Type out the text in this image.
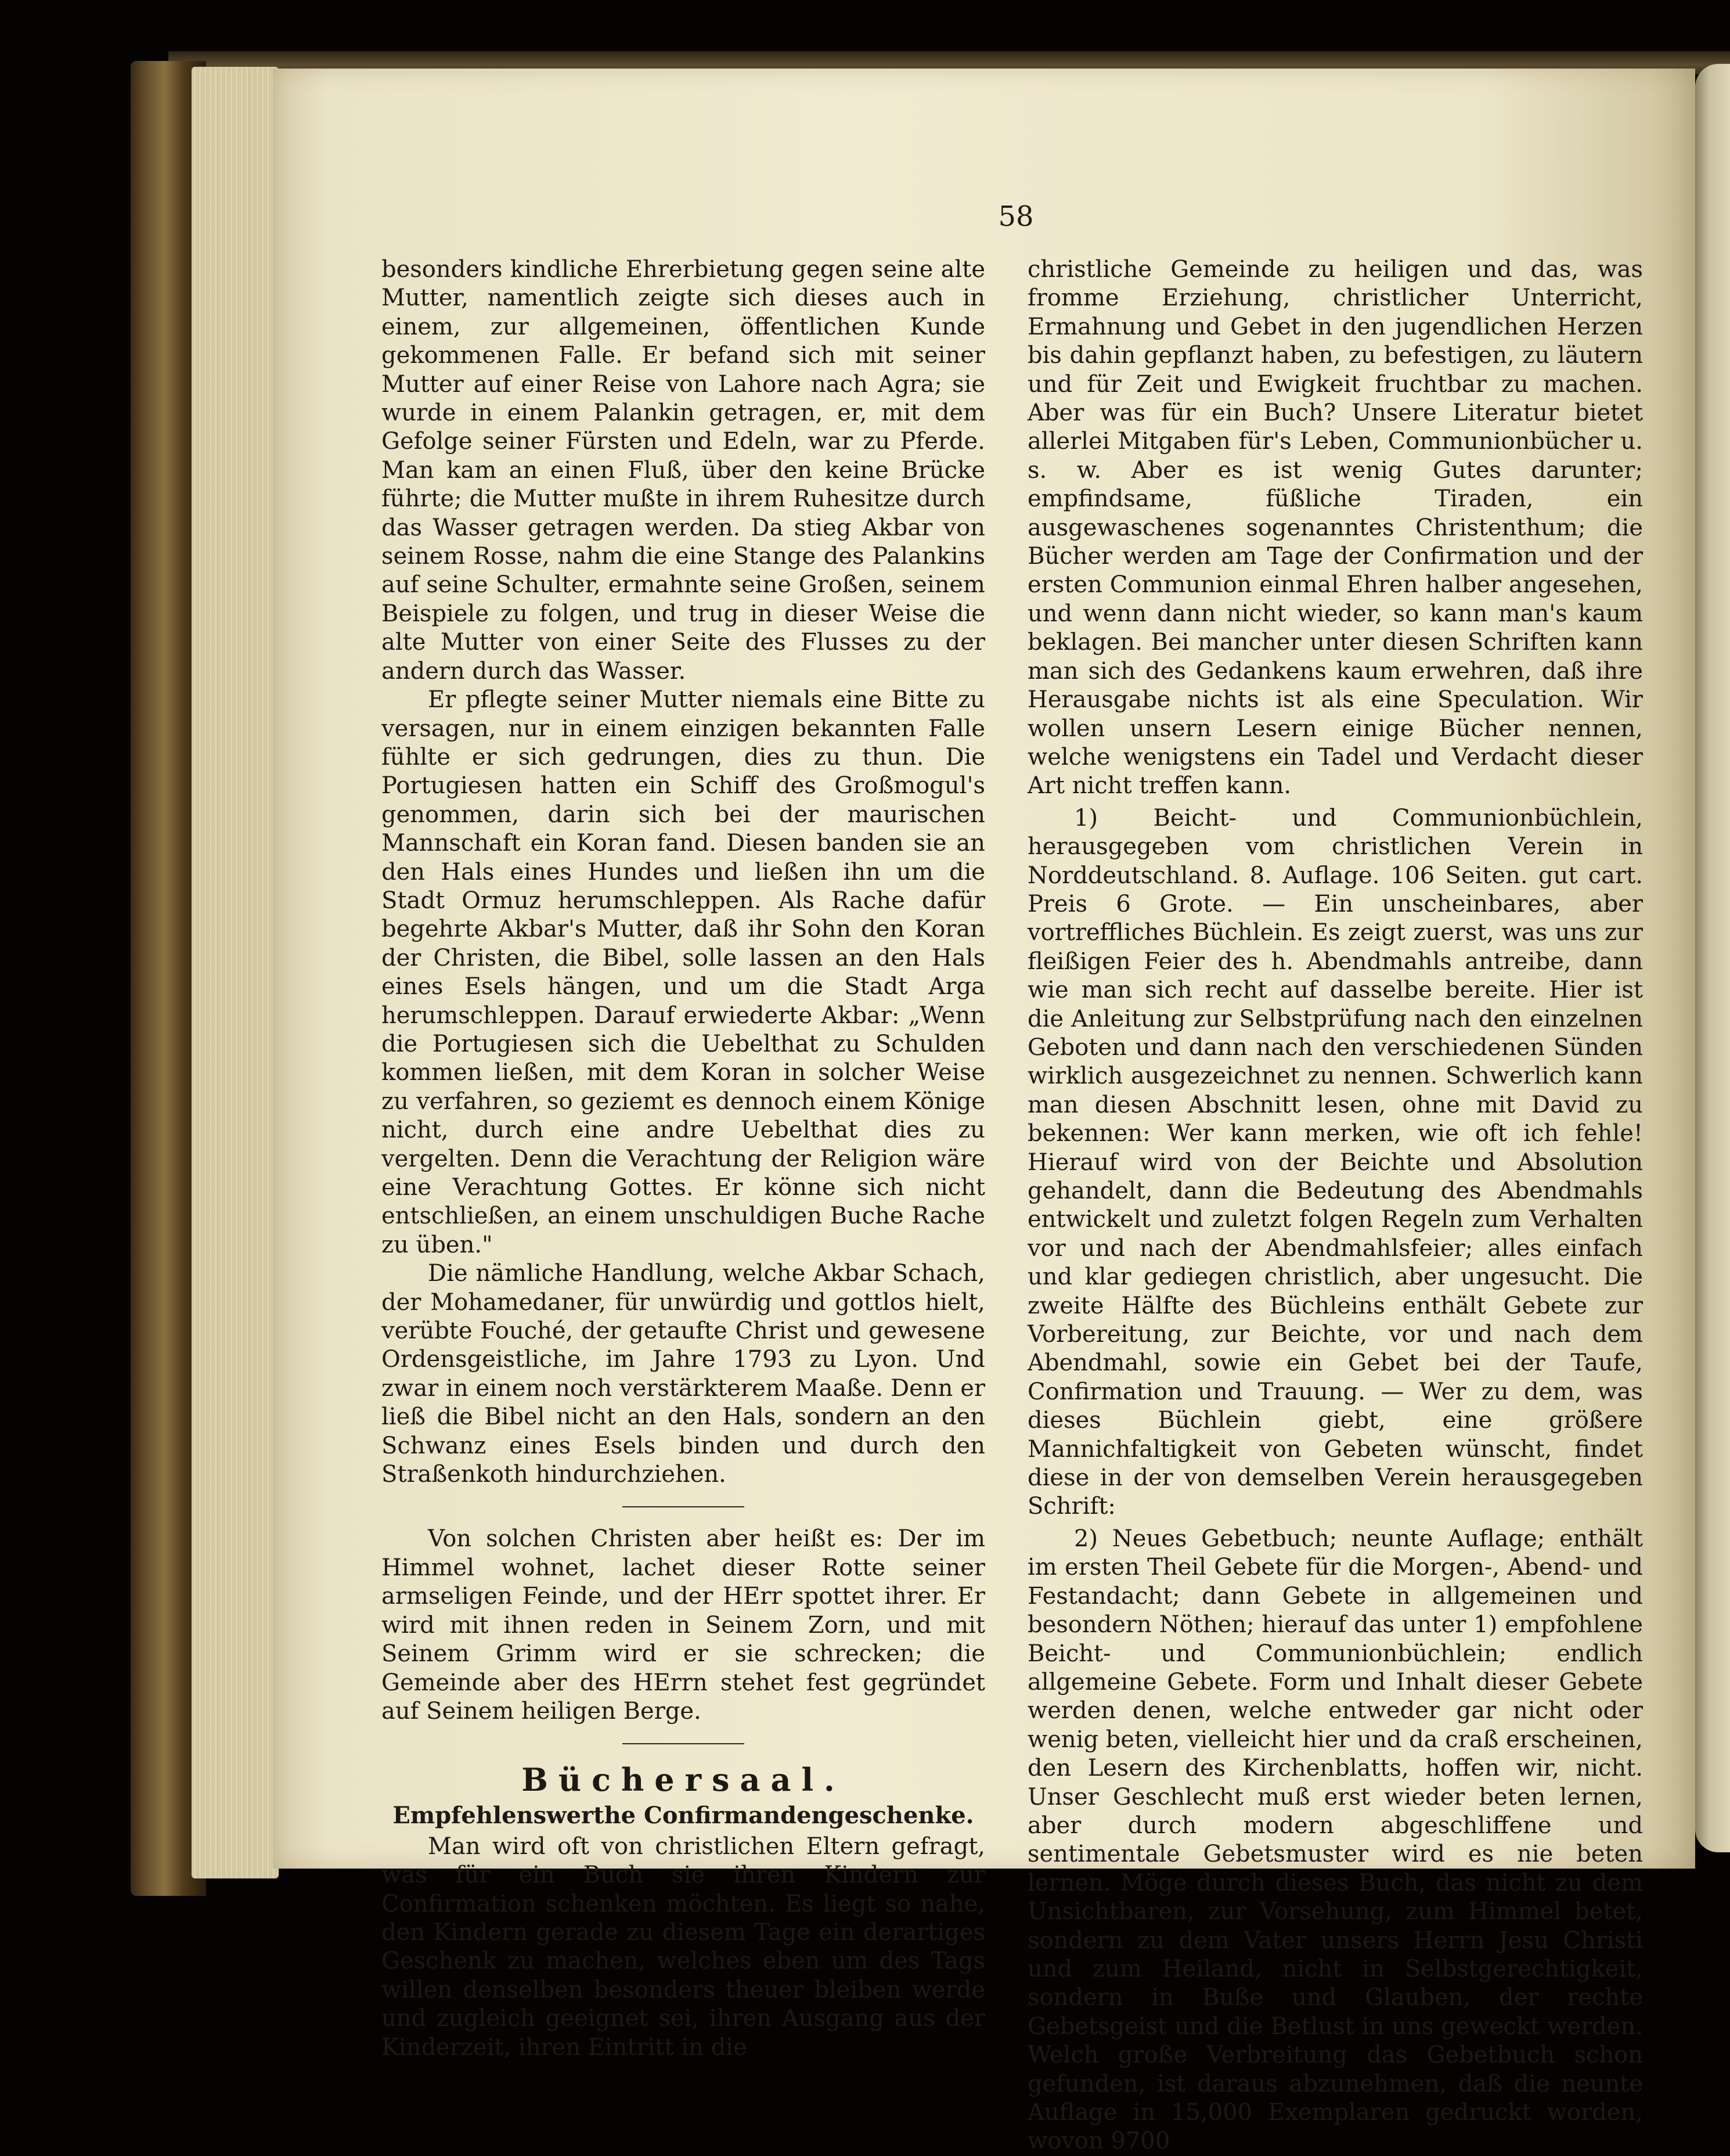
58

besonders kindliche Ehrerbietung gegen seine alte Mutter, namentlich zeigte sich dieses auch in einem, zur allgemeinen, öffentlichen Kunde gekommenen Falle. Er befand sich mit seiner Mutter auf einer Reise von Lahore nach Agra; sie wurde in einem Palankin getragen, er, mit dem Gefolge seiner Fürsten und Edeln, war zu Pferde. Man kam an einen Fluß, über den keine Brücke führte; die Mutter mußte in ihrem Ruhesitze durch das Wasser getragen werden. Da stieg Akbar von seinem Rosse, nahm die eine Stange des Palankins auf seine Schulter, ermahnte seine Großen, seinem Beispiele zu folgen, und trug in dieser Weise die alte Mutter von einer Seite des Flusses zu der andern durch das Wasser.

Er pflegte seiner Mutter niemals eine Bitte zu versagen, nur in einem einzigen bekannten Falle fühlte er sich gedrungen, dies zu thun. Die Portugiesen hatten ein Schiff des Großmogul's genommen, darin sich bei der maurischen Mannschaft ein Koran fand. Diesen banden sie an den Hals eines Hundes und ließen ihn um die Stadt Ormuz herumschleppen. Als Rache dafür begehrte Akbar's Mutter, daß ihr Sohn den Koran der Christen, die Bibel, solle lassen an den Hals eines Esels hängen, und um die Stadt Arga herumschleppen. Darauf erwiederte Akbar: „Wenn die Portugiesen sich die Uebelthat zu Schulden kommen ließen, mit dem Koran in solcher Weise zu verfahren, so geziemt es dennoch einem Könige nicht, durch eine andre Uebelthat dies zu vergelten. Denn die Verachtung der Religion wäre eine Verachtung Gottes. Er könne sich nicht entschließen, an einem unschuldigen Buche Rache zu üben."

Die nämliche Handlung, welche Akbar Schach, der Mohamedaner, für unwürdig und gottlos hielt, verübte Fouché, der getaufte Christ und gewesene Ordensgeistliche, im Jahre 1793 zu Lyon. Und zwar in einem noch verstärkterem Maaße. Denn er ließ die Bibel nicht an den Hals, sondern an den Schwanz eines Esels binden und durch den Straßenkoth hindurchziehen.

Von solchen Christen aber heißt es: Der im Himmel wohnet, lachet dieser Rotte seiner armseligen Feinde, und der HErr spottet ihrer. Er wird mit ihnen reden in Seinem Zorn, und mit Seinem Grimm wird er sie schrecken; die Gemeinde aber des HErrn stehet fest gegründet auf Seinem heiligen Berge.

Büchersaal.
Empfehlenswerthe Confirmandengeschenke.

Man wird oft von christlichen Eltern gefragt, was für ein Buch sie ihren Kindern zur Confirmation schenken möchten. Es liegt so nahe, den Kindern gerade zu diesem Tage ein derartiges Geschenk zu machen, welches eben um des Tags willen denselben besonders theuer bleiben werde und zugleich geeignet sei, ihren Ausgang aus der Kinderzeit, ihren Eintritt in die

christliche Gemeinde zu heiligen und das, was fromme Erziehung, christlicher Unterricht, Ermahnung und Gebet in den jugendlichen Herzen bis dahin gepflanzt haben, zu befestigen, zu läutern und für Zeit und Ewigkeit fruchtbar zu machen. Aber was für ein Buch? Unsere Literatur bietet allerlei Mitgaben für's Leben, Communionbücher u. s. w. Aber es ist wenig Gutes darunter; empfindsame, füßliche Tiraden, ein ausgewaschenes sogenanntes Christenthum; die Bücher werden am Tage der Confirmation und der ersten Communion einmal Ehren halber angesehen, und wenn dann nicht wieder, so kann man's kaum beklagen. Bei mancher unter diesen Schriften kann man sich des Gedankens kaum erwehren, daß ihre Herausgabe nichts ist als eine Speculation. Wir wollen unsern Lesern einige Bücher nennen, welche wenigstens ein Tadel und Verdacht dieser Art nicht treffen kann.

1) Beicht- und Communionbüchlein, herausgegeben vom christlichen Verein in Norddeutschland. 8. Auflage. 106 Seiten. gut cart. Preis 6 Grote. — Ein unscheinbares, aber vortreffliches Büchlein. Es zeigt zuerst, was uns zur fleißigen Feier des h. Abendmahls antreibe, dann wie man sich recht auf dasselbe bereite. Hier ist die Anleitung zur Selbstprüfung nach den einzelnen Geboten und dann nach den verschiedenen Sünden wirklich ausgezeichnet zu nennen. Schwerlich kann man diesen Abschnitt lesen, ohne mit David zu bekennen: Wer kann merken, wie oft ich fehle! Hierauf wird von der Beichte und Absolution gehandelt, dann die Bedeutung des Abendmahls entwickelt und zuletzt folgen Regeln zum Verhalten vor und nach der Abendmahlsfeier; alles einfach und klar gediegen christlich, aber ungesucht. Die zweite Hälfte des Büchleins enthält Gebete zur Vorbereitung, zur Beichte, vor und nach dem Abendmahl, sowie ein Gebet bei der Taufe, Confirmation und Trauung. — Wer zu dem, was dieses Büchlein giebt, eine größere Mannichfaltigkeit von Gebeten wünscht, findet diese in der von demselben Verein herausgegeben Schrift:

2) Neues Gebetbuch; neunte Auflage; enthält im ersten Theil Gebete für die Morgen-, Abend- und Festandacht; dann Gebete in allgemeinen und besondern Nöthen; hierauf das unter 1) empfohlene Beicht- und Communionbüchlein; endlich allgemeine Gebete. Form und Inhalt dieser Gebete werden denen, welche entweder gar nicht oder wenig beten, vielleicht hier und da craß erscheinen, den Lesern des Kirchenblatts, hoffen wir, nicht. Unser Geschlecht muß erst wieder beten lernen, aber durch modern abgeschliffene und sentimentale Gebetsmuster wird es nie beten lernen. Möge durch dieses Buch, das nicht zu dem Unsichtbaren, zur Vorsehung, zum Himmel betet, sondern zu dem Vater unsers Herrn Jesu Christi und zum Heiland, nicht in Selbstgerechtigkeit, sondern in Buße und Glauben, der rechte Gebetsgeist und die Betlust in uns geweckt werden. Welch große Verbreitung das Gebetbuch schon gefunden, ist daraus abzunehmen, daß die neunte Auflage in 15,000 Exemplaren gedruckt worden, wovon 9700
